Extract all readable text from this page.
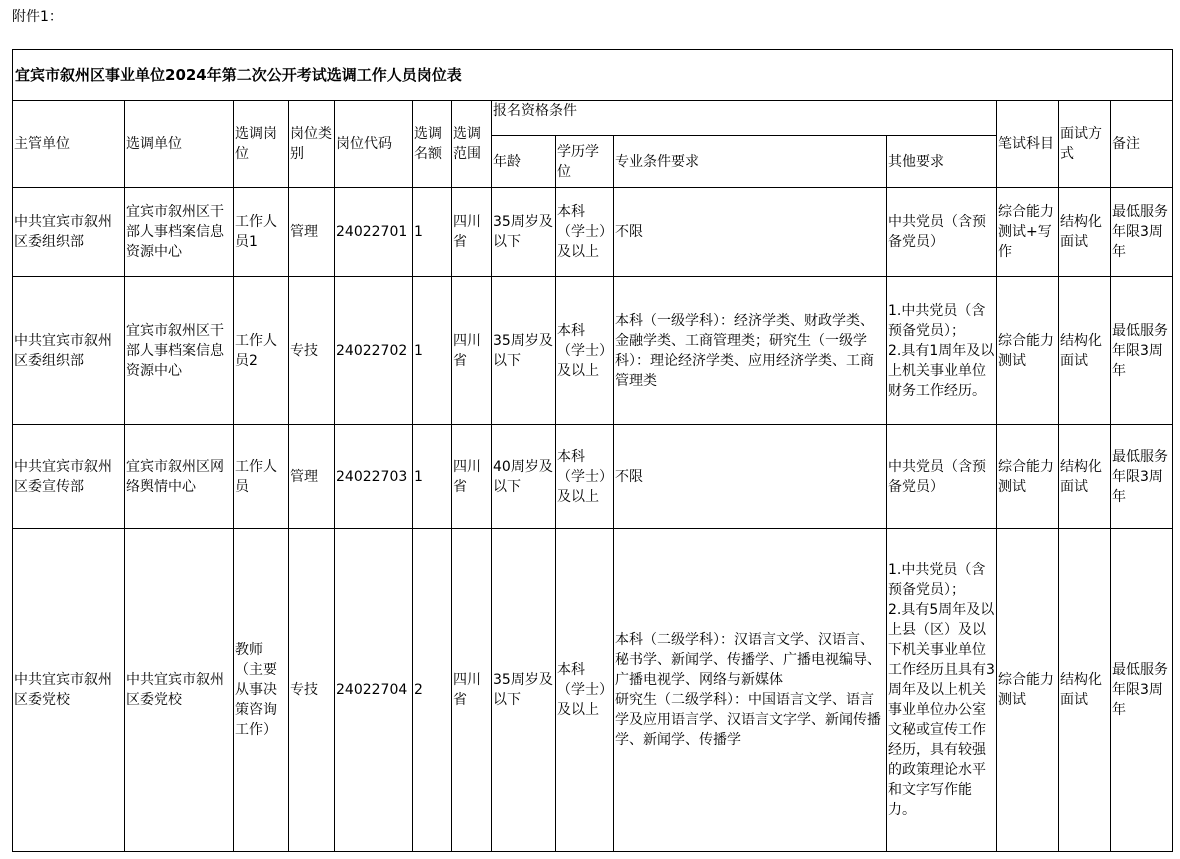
附件1：
宜宾市叙州区事业单位2024年第二次公开考试选调工作人员岗位表													
主管单位	选调单位	选调岗位	岗位类别	岗位代码	选调名额	选调范围	报名资格条件				笔试科目	面试方式	备注
							年龄	学历学位	专业条件要求	其他要求			
中共宜宾市叙州区委组织部	宜宾市叙州区干部人事档案信息资源中心	工作人员1	管理	24022701	1	四川省	35周岁及以下	本科（学士）及以上	不限	中共党员（含预备党员）	综合能力测试+写作	结构化面试	最低服务年限3周年
中共宜宾市叙州区委组织部	宜宾市叙州区干部人事档案信息资源中心	工作人员2	专技	24022702	1	四川省	35周岁及以下	本科（学士）及以上	本科（一级学科）：经济学类、财政学类、金融学类、工商管理类；研究生（一级学科）：理论经济学类、应用经济学类、工商管理类	1.中共党员（含预备党员）；
2.具有1周年及以上机关事业单位财务工作经历。	综合能力测试	结构化面试	最低服务年限3周年
中共宜宾市叙州区委宣传部	宜宾市叙州区网络舆情中心	工作人员	管理	24022703	1	四川省	40周岁及以下	本科（学士）及以上	不限	中共党员（含预备党员）	综合能力测试	结构化面试	最低服务年限3周年
中共宜宾市叙州区委党校	中共宜宾市叙州区委党校	教师（主要从事决策咨询工作）	专技	24022704	2	四川省	35周岁及以下	本科（学士）及以上	本科（二级学科）：汉语言文学、汉语言、秘书学、新闻学、传播学、广播电视编导、广播电视学、网络与新媒体
研究生（二级学科）：中国语言文学、语言学及应用语言学、汉语言文字学、新闻传播学、新闻学、传播学	1.中共党员（含预备党员）；
2.具有5周年及以上县（区）及以下机关事业单位工作经历且具有3周年及以上机关事业单位办公室文秘或宣传工作经历，具有较强的政策理论水平和文字写作能力。	综合能力测试	结构化面试	最低服务年限3周年
